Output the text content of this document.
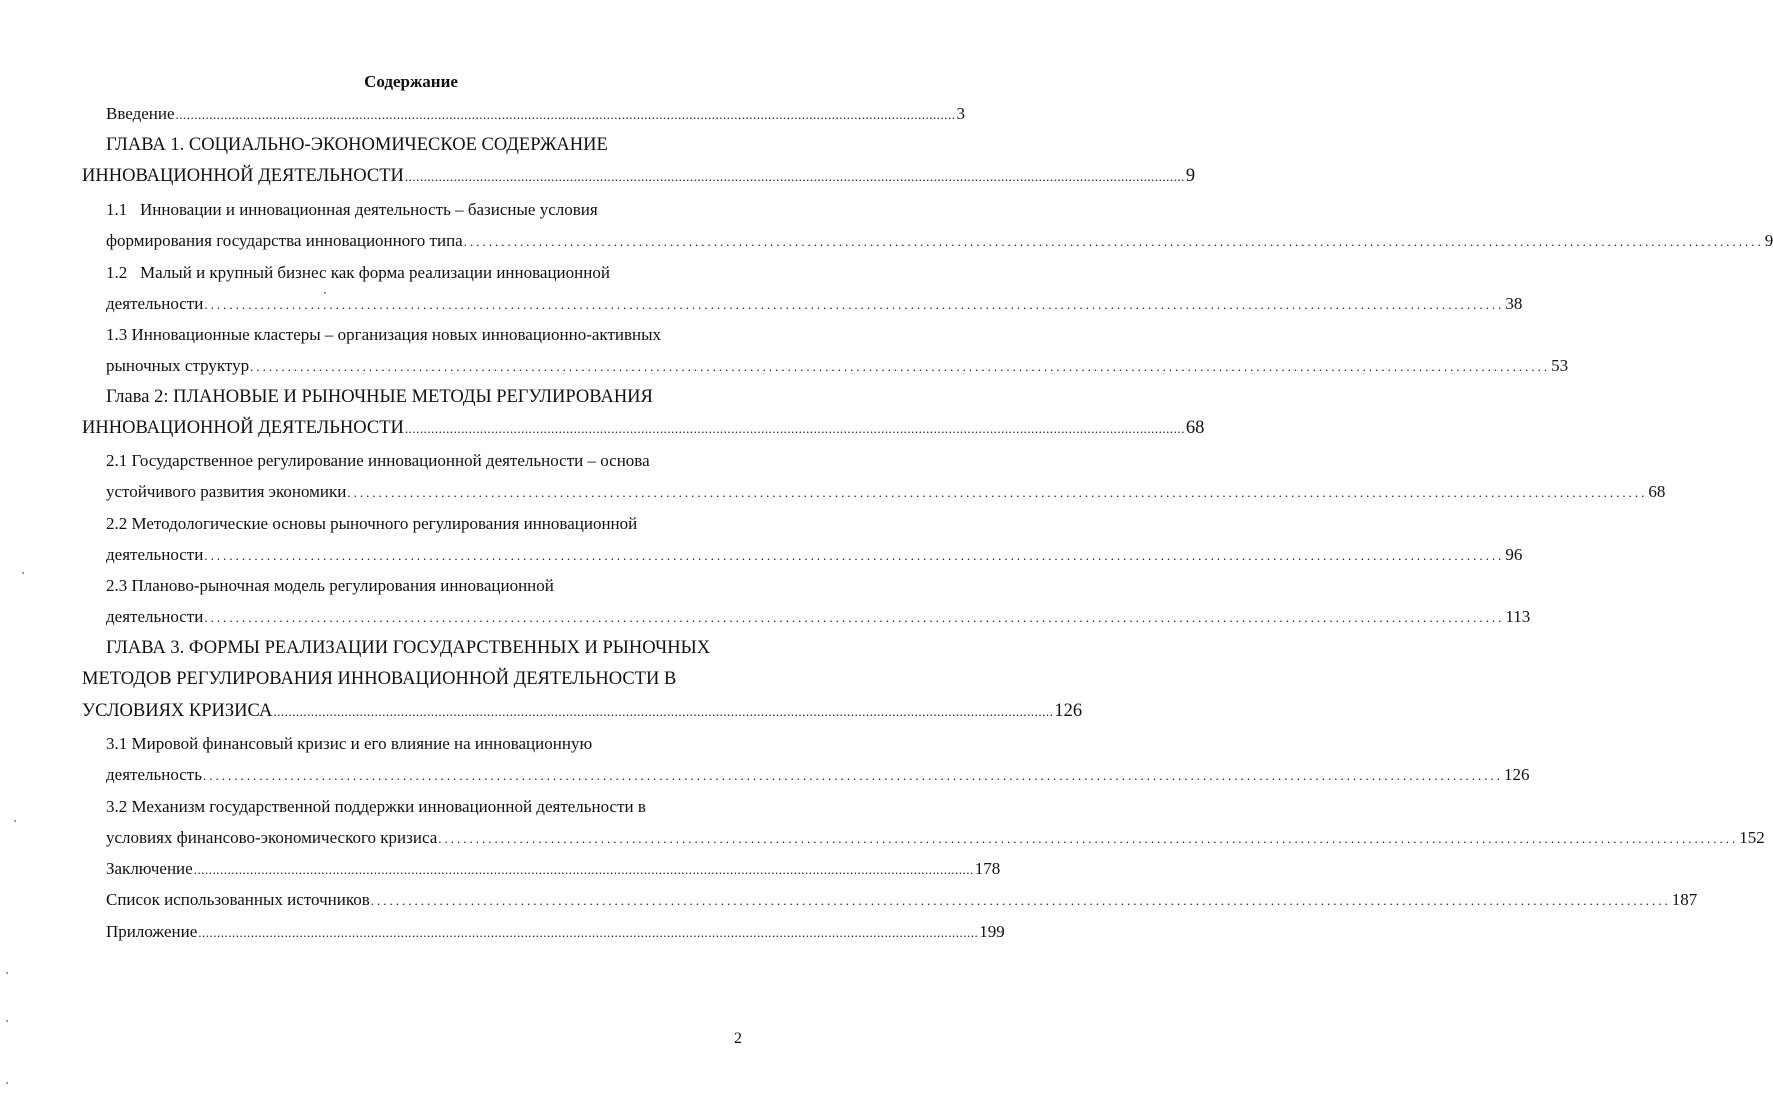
Содержание
Введение ................................................................................................................................................................................................................ 3
ГЛАВА 1. СОЦИАЛЬНО-ЭКОНОМИЧЕСКОЕ СОДЕРЖАНИЕ
ИННОВАЦИОННОЙ ДЕЯТЕЛЬНОСТИ ................................................................................................................................................................................................................ 9
1.1   Инновации и инновационная деятельность – базисные условия
формирования государства инновационного типа ................................................................................................................................................................................................................ 9
1.2   Малый и крупный бизнес как форма реализации инновационной
деятельности ................................................................................................................................................................................................................ 38
1.3 Инновационные кластеры – организация новых инновационно-активных
рыночных структур ................................................................................................................................................................................................................ 53
Глава 2: ПЛАНОВЫЕ И РЫНОЧНЫЕ МЕТОДЫ РЕГУЛИРОВАНИЯ
ИННОВАЦИОННОЙ ДЕЯТЕЛЬНОСТИ ................................................................................................................................................................................................................ 68
2.1 Государственное регулирование инновационной деятельности – основа
устойчивого развития экономики ................................................................................................................................................................................................................ 68
2.2 Методологические основы рыночного регулирования инновационной
деятельности ................................................................................................................................................................................................................ 96
2.3 Планово-рыночная модель регулирования инновационной
деятельности ................................................................................................................................................................................................................ 113
ГЛАВА 3. ФОРМЫ РЕАЛИЗАЦИИ ГОСУДАРСТВЕННЫХ И РЫНОЧНЫХ
МЕТОДОВ РЕГУЛИРОВАНИЯ ИННОВАЦИОННОЙ ДЕЯТЕЛЬНОСТИ В
УСЛОВИЯХ КРИЗИСА ................................................................................................................................................................................................................ 126
3.1 Мировой финансовый кризис и его влияние на инновационную
деятельность ................................................................................................................................................................................................................ 126
3.2 Механизм государственной поддержки инновационной деятельности в
условиях финансово-экономического кризиса ................................................................................................................................................................................................................ 152
Заключение ................................................................................................................................................................................................................ 178
Список использованных источников ................................................................................................................................................................................................................ 187
Приложение ................................................................................................................................................................................................................ 199
2
